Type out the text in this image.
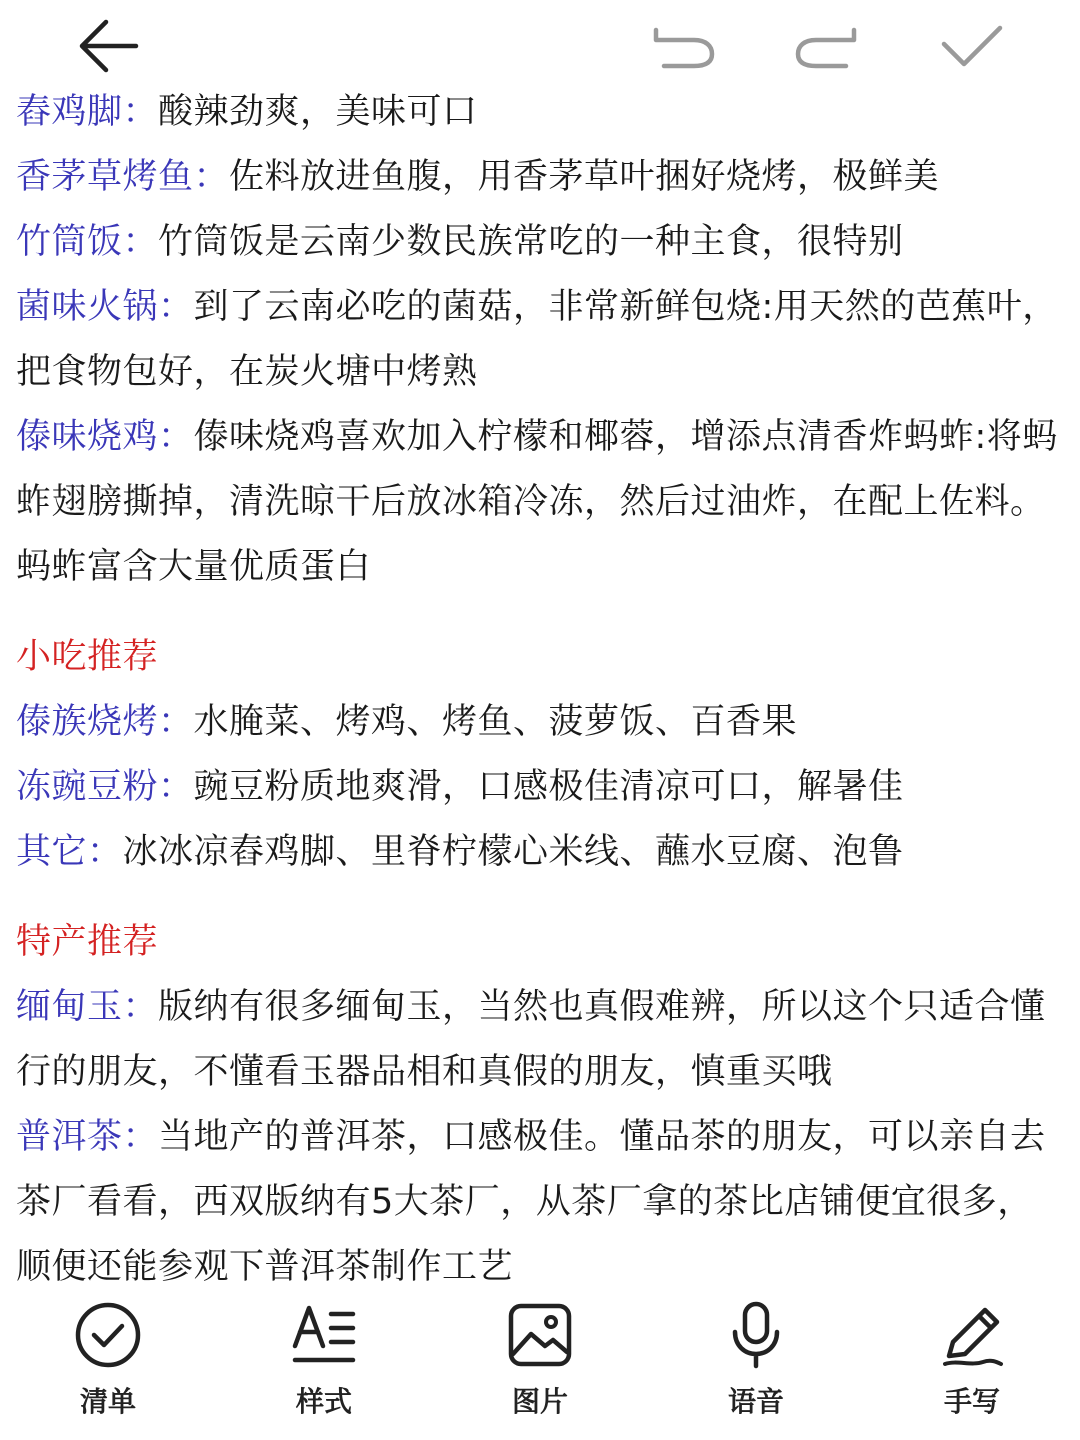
舂鸡脚：酸辣劲爽，美味可口

香茅草烤鱼：佐料放进鱼腹，用香茅草叶捆好烧烤，极鲜美

竹筒饭：竹筒饭是云南少数民族常吃的一种主食，很特别

菌味火锅：到了云南必吃的菌菇，非常新鲜包烧:用天然的芭蕉叶，把食物包好，在炭火塘中烤熟

傣味烧鸡：傣味烧鸡喜欢加入柠檬和椰蓉，增添点清香炸蚂蚱:将蚂蚱翅膀撕掉，清洗晾干后放冰箱冷冻，然后过油炸，在配上佐料。蚂蚱富含大量优质蛋白

小吃推荐

傣族烧烤：水腌菜、烤鸡、烤鱼、菠萝饭、百香果

冻豌豆粉：豌豆粉质地爽滑，口感极佳清凉可口，解暑佳

其它：冰冰凉舂鸡脚、里脊柠檬心米线、蘸水豆腐、泡鲁

特产推荐

缅甸玉：版纳有很多缅甸玉，当然也真假难辨，所以这个只适合懂行的朋友，不懂看玉器品相和真假的朋友，慎重买哦

普洱茶：当地产的普洱茶，口感极佳。懂品茶的朋友，可以亲自去茶厂看看，西双版纳有5大茶厂，从茶厂拿的茶比店铺便宜很多，顺便还能参观下普洱茶制作工艺

清单	样式	图片	语音	手写
